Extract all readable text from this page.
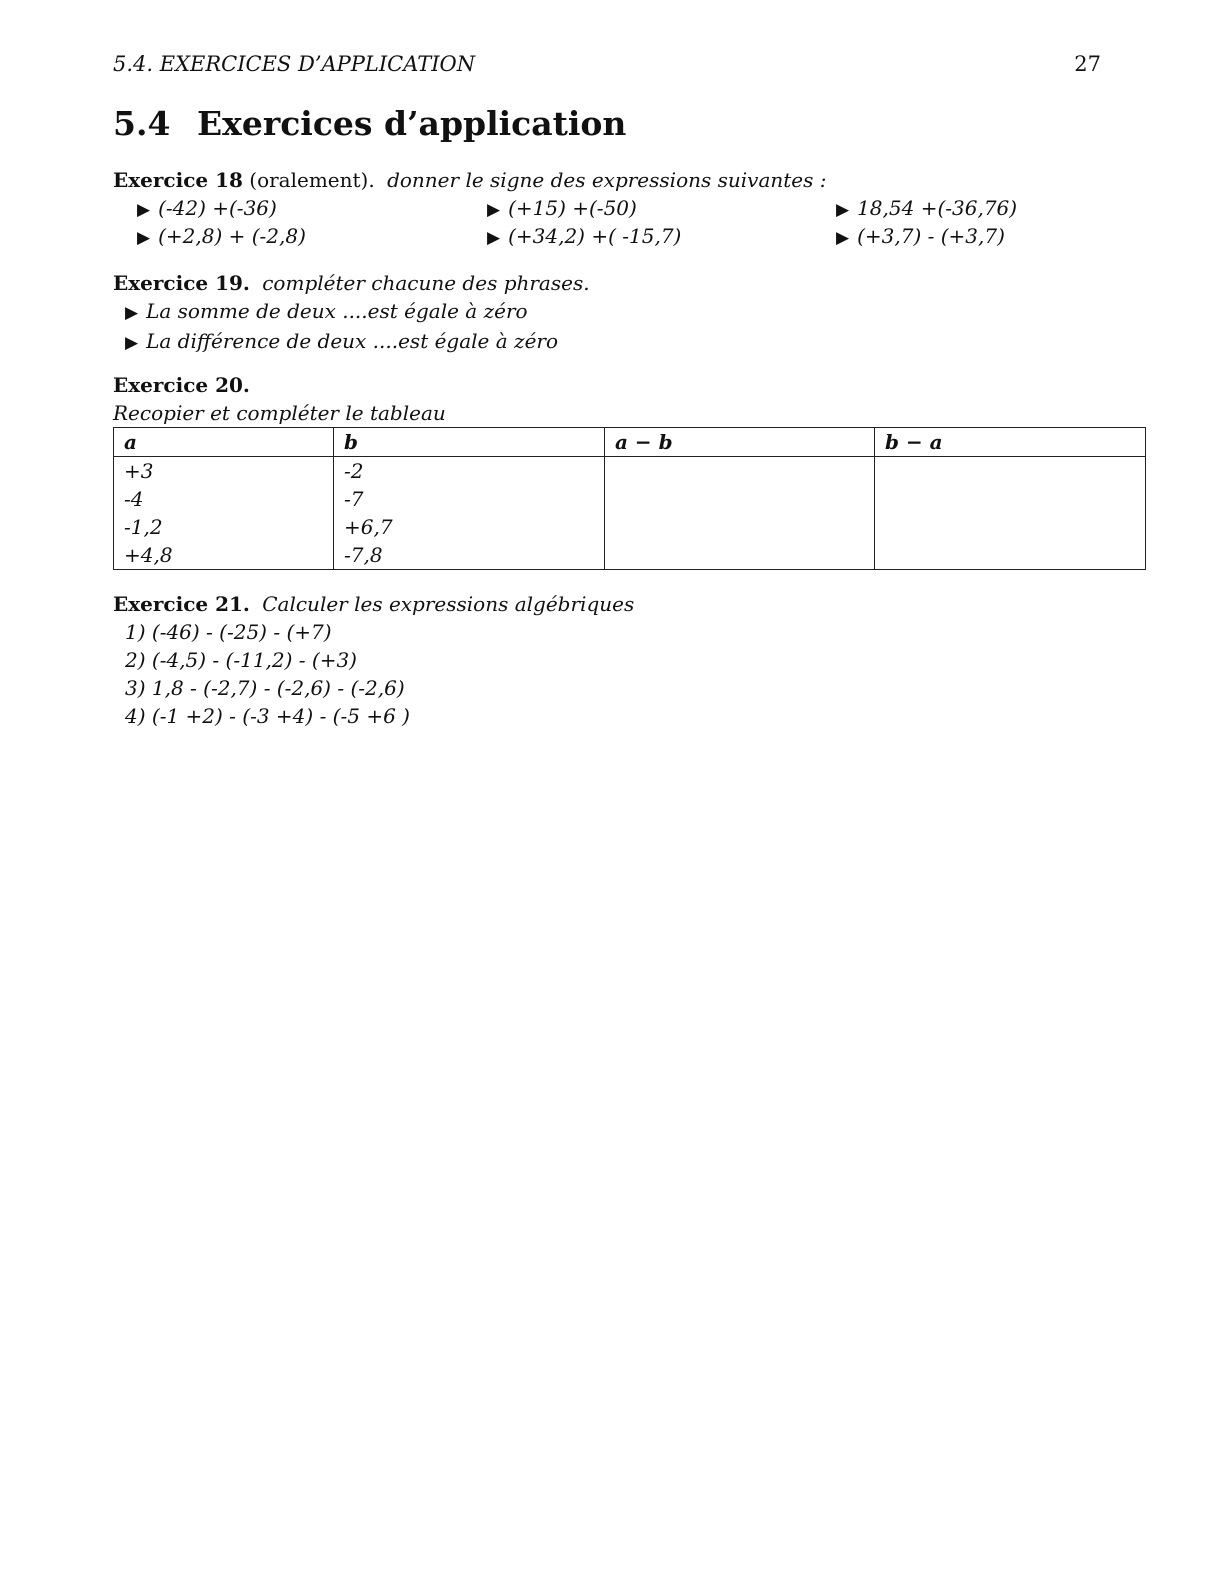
5.4. EXERCICES D’APPLICATION	27
5.4 Exercices d’application
Exercice 18 (oralement). donner le signe des expressions suivantes :
▶ (-42) +(-36)	▶ (+15) +(-50)	▶ 18,54 +(-36,76)
▶ (+2,8) + (-2,8)	▶ (+34,2) +( -15,7)	▶ (+3,7) - (+3,7)
Exercice 19. compléter chacune des phrases.
▶ La somme de deux ....est égale à zéro
▶ La différence de deux ....est égale à zéro
Exercice 20.
Recopier et compléter le tableau
a	b	a − b	b − a
+3	-2		
-4	-7		
-1,2	+6,7		
+4,8	-7,8		
Exercice 21. Calculer les expressions algébriques
1) (-46) - (-25) - (+7)
2) (-4,5) - (-11,2) - (+3)
3) 1,8 - (-2,7) - (-2,6) - (-2,6)
4) (-1 +2) - (-3 +4) - (-5 +6 )
